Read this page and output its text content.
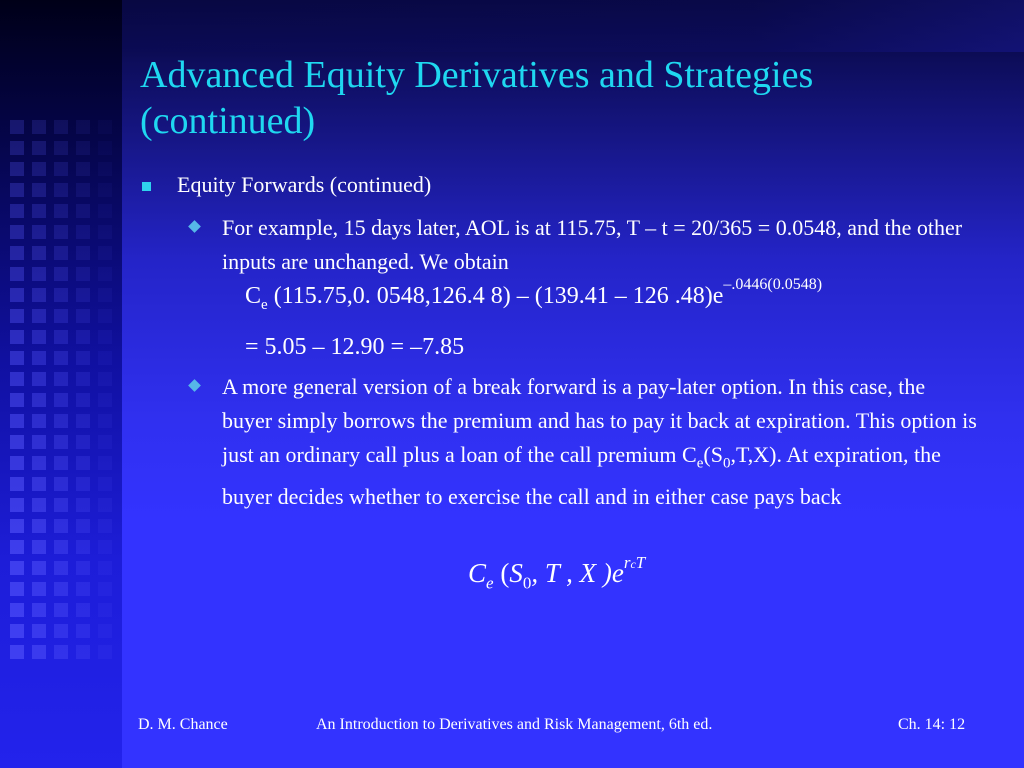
Advanced Equity Derivatives and Strategies
(continued)
Equity Forwards (continued)
For example, 15 days later, AOL is at 115.75, T – t = 20/365 = 0.0548, and the other inputs are unchanged. We obtain
$C_e$ (115.75,0. 0548,126.4 8) – (139.41 – 126 $.48)e^{-.0446(0.0548)}$
= 5.05 – 12.90 = –7.85
A more general version of a break forward is a pay-later option. In this case, the buyer simply borrows the premium and has to pay it back at expiration. This option is just an ordinary call plus a loan of the call premium $C_e(S_0,T,X)$. At expiration, the buyer decides whether to exercise the call and in either case pays back
$C_e$ ($S_0$, T , X )$e^{rcT}$
D. M. Chance	An Introduction to Derivatives and Risk Management, 6th ed.	Ch. 14: 12
